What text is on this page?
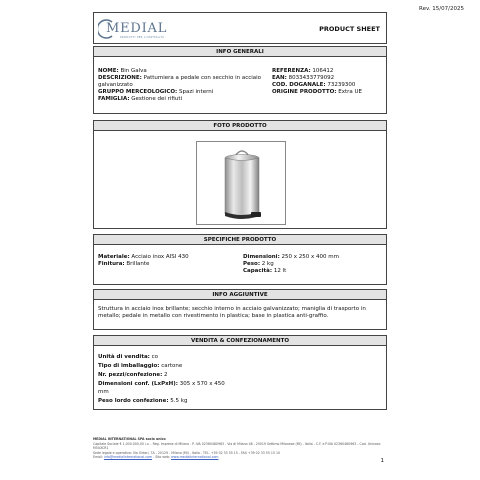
Rev. 15/07/2025
MEDIAL
PRODOTTI PER L'OSPITALITÀ
PRODUCT SHEET
INFO GENERALI
NOME: Bin Galva
DESCRIZIONE: Pattumiera a pedale con secchio in acciaio galvanizzato
GRUPPO MERCEOLOGICO: Spazi interni
FAMIGLIA: Gestione dei rifiuti
REFERENZA: 106412
EAN: 8033433779092
COD. DOGANALE: 73239300
ORIGINE PRODOTTO: Extra UE
FOTO PRODOTTO
SPECIFICHE PRODOTTO
Materiale: Acciaio inox AISI 430
Finitura: Brillante
Dimensioni: 250 x 250 x 400 mm
Peso: 2 kg
Capacità: 12 lt
INFO AGGIUNTIVE
Struttura in acciaio inox brillante; secchio interno in acciaio galvanizzato; maniglia di trasporto in metallo; pedale in metallo con rivestimento in plastica; base in plastica anti-graffio.
VENDITA & CONFEZIONAMENTO
Unità di vendita: co
Tipo di imballaggio: cartone
Nr. pezzi/confezione: 2
Dimensioni conf. (LxPxH): 305 x 570 x 450
mm
Peso lordo confezione: 5.5 kg
MEDIAL INTERNATIONAL SPA socio unico
Capitale Sociale € 1.000.000,00 i.v. - Reg. Imprese di Milano - P. IVA 02360480963 - Via di Milano 48 - 20019 Settimo Milanese (MI) - Italia - C.F. e P.IVA 02360480963 - Cod. Univoco M5UXCR1
Sede legale e operativa: Via Sirtori, 7A - 20129 - Milano (MI) - Italia - TEL. +39 02 33 55 15 - FAX +39 02 33 55 15 10
Email: info@medialinternational.com - Sito web: www.medialinternational.com
1
